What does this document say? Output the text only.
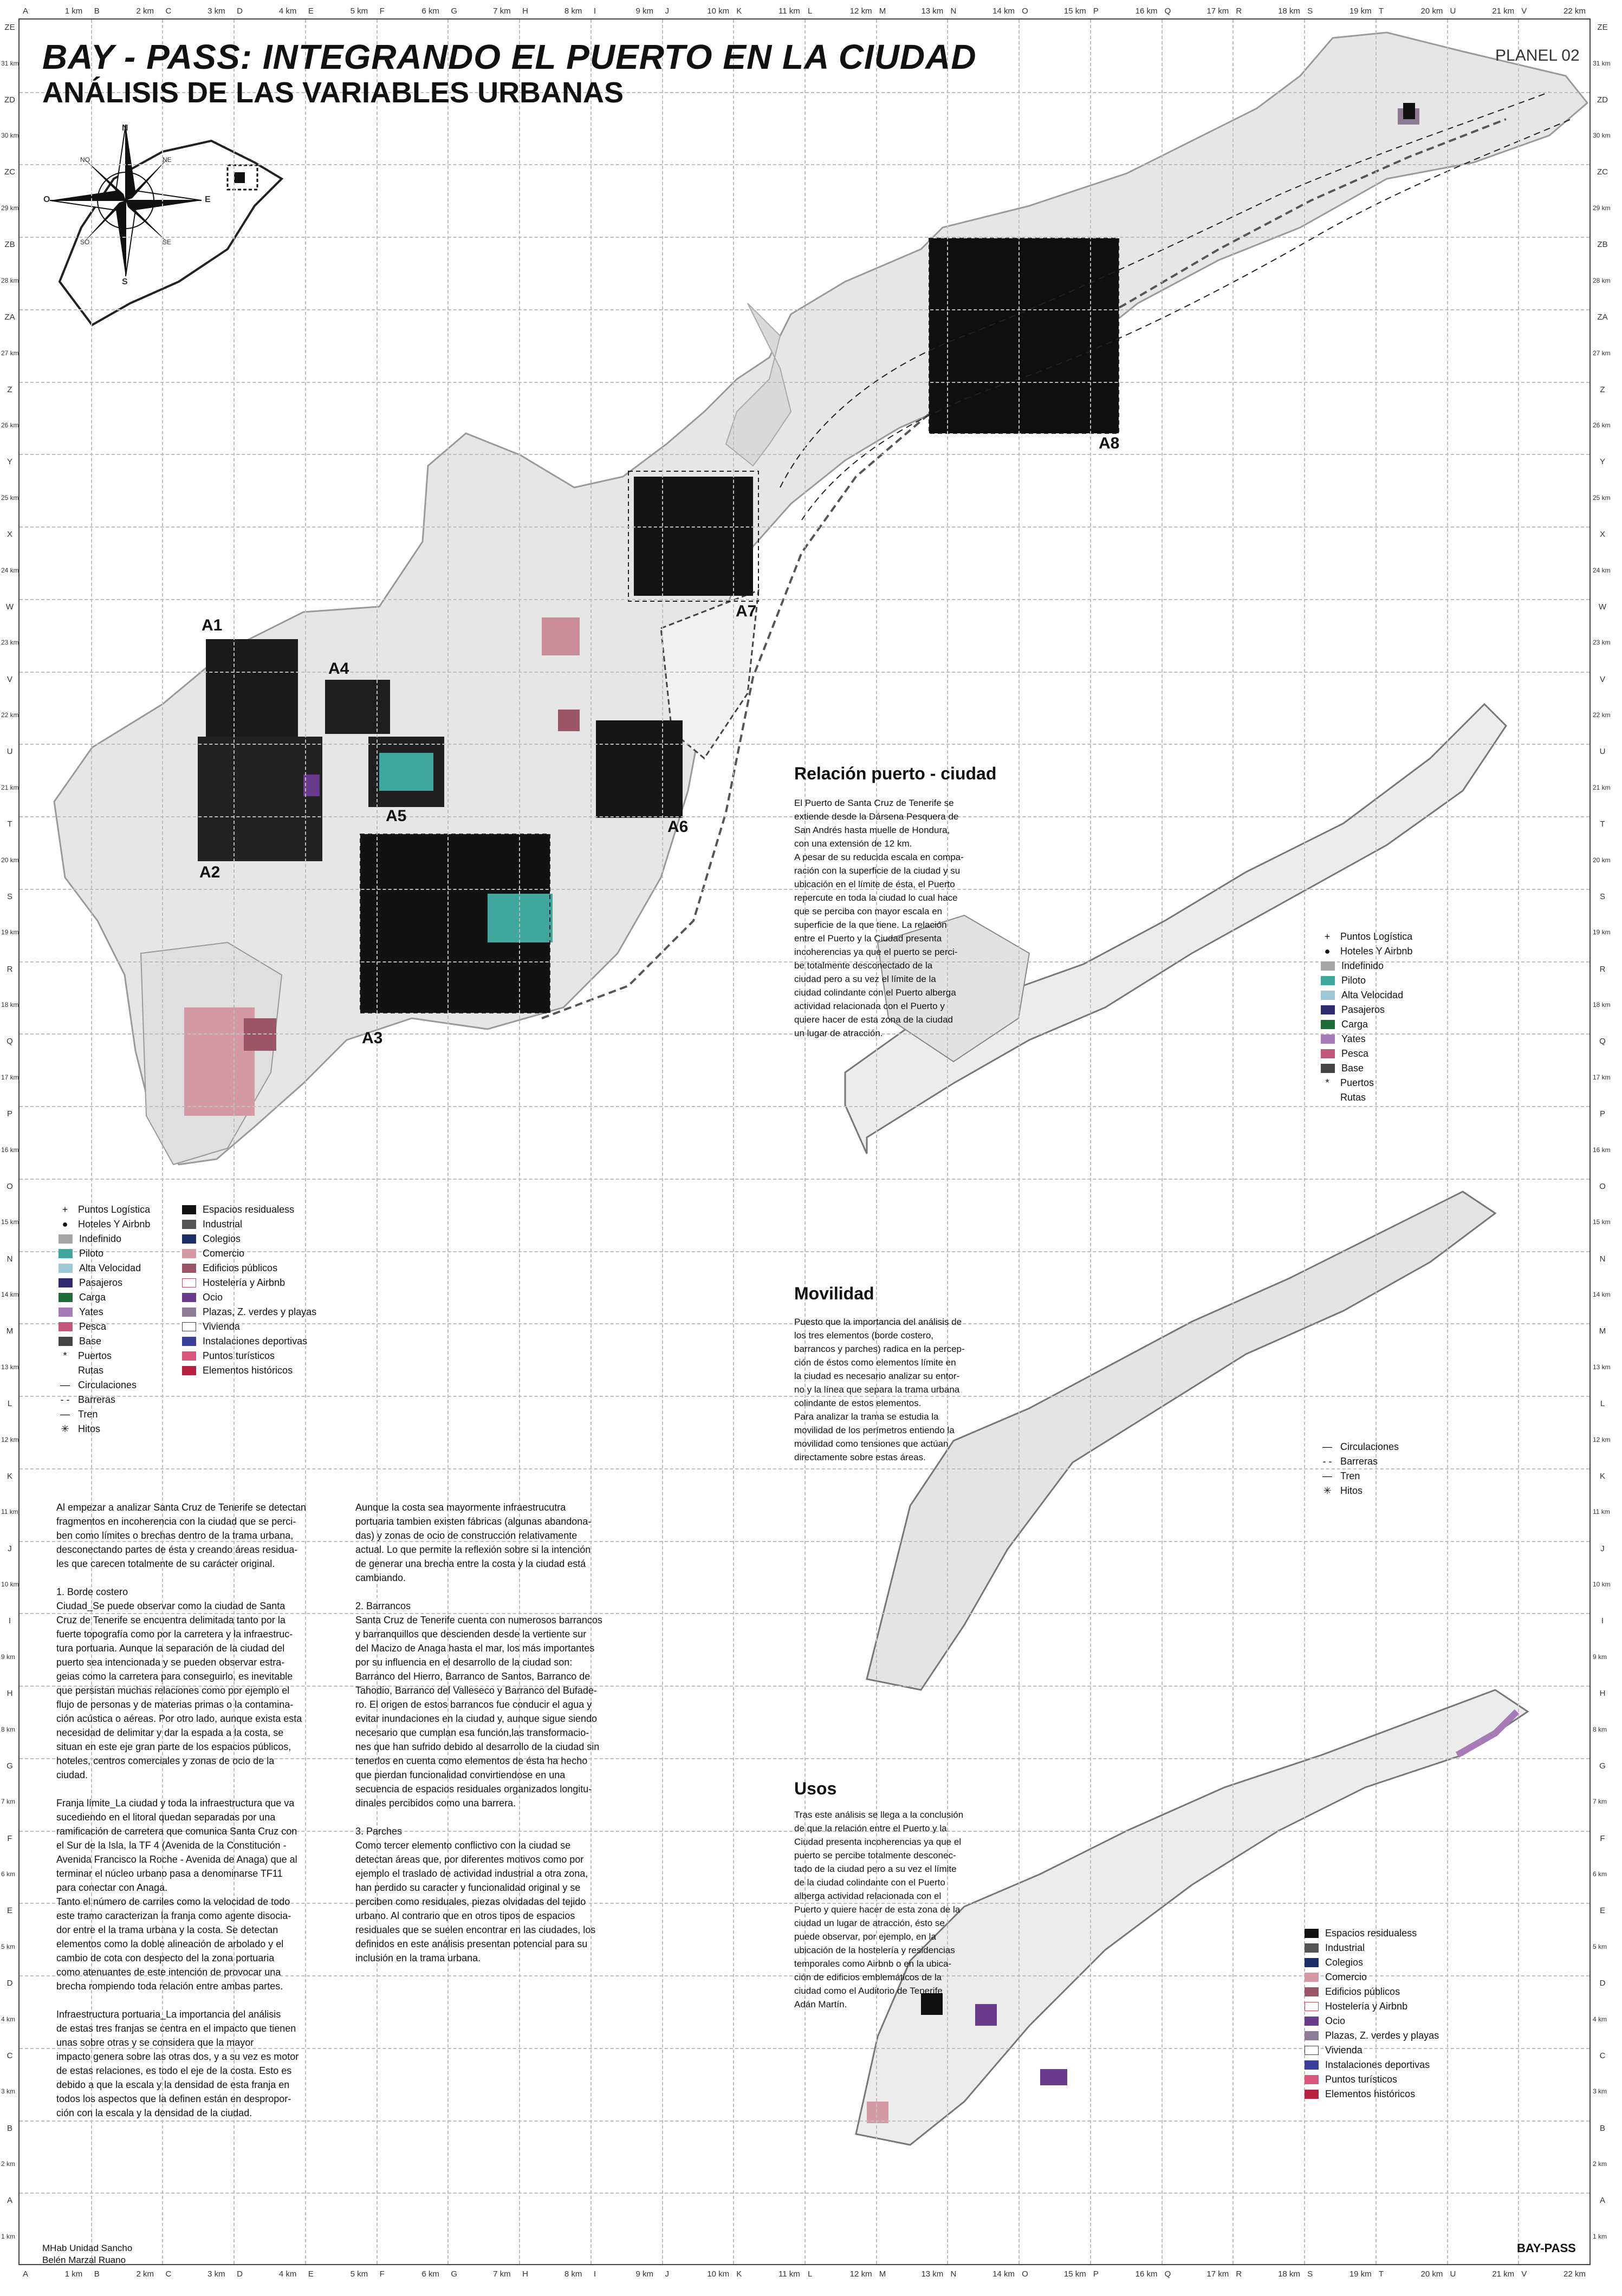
A
A
B
B
C
C
D
D
E
E
F
F
G
G
H
H
I
I
J
J
K
K
L
L
M
M
N
N
O
O
P
P
Q
Q
R
R
S
S
T
T
U
U
V
V
1 km
1 km
2 km
2 km
3 km
3 km
4 km
4 km
5 km
5 km
6 km
6 km
7 km
7 km
8 km
8 km
9 km
9 km
10 km
10 km
11 km
11 km
12 km
12 km
13 km
13 km
14 km
14 km
15 km
15 km
16 km
16 km
17 km
17 km
18 km
18 km
19 km
19 km
20 km
20 km
21 km
21 km
22 km
22 km
ZE	ZE
ZD	ZD
ZC	ZC
ZB	ZB
ZA	ZA
Z	Z
Y	Y
X	X
W	W
V	V
U	U
T	T
S	S
R	R
Q	Q
P	P
O	O
N	N
M	M
L	L
K	K
J	J
I	I
H	H
G	G
F	F
E	E
D	D
C	C
B	B
A	A
31 km	31 km
30 km	30 km
29 km	29 km
28 km	28 km
27 km	27 km
26 km	26 km
25 km	25 km
24 km	24 km
23 km	23 km
22 km	22 km
21 km	21 km
20 km	20 km
19 km	19 km
18 km	18 km
17 km	17 km
16 km	16 km
15 km	15 km
14 km	14 km
13 km	13 km
12 km	12 km
11 km	11 km
10 km	10 km
9 km	9 km
8 km	8 km
7 km	7 km
6 km	6 km
5 km	5 km
4 km	4 km
3 km	3 km
2 km	2 km
1 km	1 km
BAY - PASS: INTEGRANDO EL PUERTO EN LA CIUDAD
ANÁLISIS DE LAS VARIABLES URBANAS
PLANEL 02
N
S
E
O
NE
NO
SE
SO
A1
A2
A3
A4
A5
A6
A7
A8
Relación puerto - ciudad
El Puerto de Santa Cruz de Tenerife se
extiende desde la Dársena Pesquera de
San Andrés hasta muelle de Hondura,
con una extensión de 12 km.
A pesar de su reducida escala en compa-
ración con la superficie de la ciudad y su
ubicación en el límite de ésta, el Puerto
repercute en toda la ciudad lo cual hace
que se perciba con mayor escala en
superficie de la que tiene. La relación
entre el Puerto y la Ciudad presenta
incoherencias ya que el puerto se perci-
be totalmente desconectado de la
ciudad pero a su vez el límite de la
ciudad colindante con el Puerto alberga
actividad relacionada con el Puerto y
quiere hacer de esta zona de la ciudad
un lugar de atracción.
Movilidad
Puesto que la importancia del análisis de
los tres elementos (borde costero,
barrancos y parches) radica en la percep-
ción de éstos como elementos límite en
la ciudad es necesario analizar su entor-
no y la línea que separa la trama urbana
colindante de estos elementos.
Para analizar la trama se estudia la
movilidad de los perímetros entiendo la
movilidad como tensiones que actúan
directamente sobre estas áreas.
Usos
Tras este análisis se llega a la conclusión
de que la relación entre el Puerto y la
Ciudad presenta incoherencias ya que el
puerto se percibe totalmente desconec-
tado de la ciudad pero a su vez el límite
de la ciudad colindante con el Puerto
alberga actividad relacionada con el
Puerto y quiere hacer de esta zona de la
ciudad un lugar de atracción, ésto se
puede observar, por ejemplo, en la
ubicación de la hostelería y residencias
temporales como Airbnb o en la ubica-
ción de edificios emblemáticos de la
ciudad como el Auditorio de Tenerife
Adán Martín.
+	Puntos Logística
●	Hoteles Y Airbnb
Indefinido
Piloto
Alta Velocidad
Pasajeros
Carga
Yates
Pesca
Base
*	Puertos
Rutas
— Circulaciones
- - Barreras
— Tren
✳ Hitos
Espacios residualess
Industrial
Colegios
Comercio
Edificios públicos
Hostelería y Airbnb
Ocio
Plazas, Z. verdes y playas
Vivienda
Instalaciones deportivas
Puntos turísticos
Elementos históricos
+	Puntos Logística
●	Hoteles Y Airbnb
Indefinido
Piloto
Alta Velocidad
Pasajeros
Carga
Yates
Pesca
Base
*	Puertos
Rutas
— Circulaciones
- - Barreras
— Tren
✳ Hitos
Espacios residualess
Industrial
Colegios
Comercio
Edificios públicos
Hostelería y Airbnb
Ocio
Plazas, Z. verdes y playas
Vivienda
Instalaciones deportivas
Puntos turísticos
Elementos históricos
Al empezar a analizar Santa Cruz de Tenerife se detectan
fragmentos en incoherencia con la ciudad que se perci-
ben como límites o brechas dentro de la trama urbana,
desconectando partes de ésta y creando áreas residua-
les que carecen totalmente de su carácter original.

1. Borde costero
Ciudad_Se puede observar como la ciudad de Santa
Cruz de Tenerife se encuentra delimitada tanto por la
fuerte topografía como por la carretera y la infraestruc-
tura portuaria. Aunque la separación de la ciudad del
puerto sea intencionada y se pueden observar estra-
geias como la carretera para conseguirlo, es inevitable
que persistan muchas relaciones como por ejemplo el
flujo de personas y de materias primas o la contamina-
ción acústica o aéreas. Por otro lado, aunque exista esta
necesidad de delimitar y dar la espada a la costa, se
situan en este eje gran parte de los espacios públicos,
hoteles, centros comerciales y zonas de ocio de la
ciudad.

Franja límite_La ciudad y toda la infraestructura que va
sucediendo en el litoral quedan separadas por una
ramificación de carretera que comunica Santa Cruz con
el Sur de la Isla, la TF 4 (Avenida de la Constitución -
Avenida Francisco la Roche - Avenida de Anaga) que al
terminar el núcleo urbano pasa a denominarse TF11
para conectar con Anaga.
Tanto el número de carriles como la velocidad de todo
este tramo caracterizan la franja como agente disocia-
dor entre el la trama urbana y la costa. Se detectan
elementos como la doble alineación de arbolado y el
cambio de cota con despecto del la zona portuaria
como atenuantes de este intención de provocar una
brecha rompiendo toda relación entre ambas partes.

Infraestructura portuaria_La importancia del análisis
de estas tres franjas se centra en el impacto que tienen
unas sobre otras y se considera que la mayor
impacto genera sobre las otras dos, y a su vez es motor
de estas relaciones, es todo el eje de la costa. Esto es
debido a que la escala y la densidad de esta franja en
todos los aspectos que la definen están en despropor-
ción con la escala y la densidad de la ciudad.
Aunque la costa sea mayormente infraestrucutra
portuaria tambien existen fábricas (algunas abandona-
das) y zonas de ocio de construcción relativamente
actual. Lo que permite la reflexión sobre si la intención
de generar una brecha entre la costa y la ciudad está
cambiando.

2. Barrancos
Santa Cruz de Tenerife cuenta con numerosos barrancos
y barranquillos que descienden desde la vertiente sur
del Macizo de Anaga hasta el mar, los más importantes
por su influencia en el desarrollo de la ciudad son:
Barranco del Hierro, Barranco de Santos, Barranco de
Tahodio, Barranco del Valleseco y Barranco del Bufade-
ro. El origen de estos barrancos fue conducir el agua y
evitar inundaciones en la ciudad y, aunque sigue siendo
necesario que cumplan esa función,las transformacio-
nes que han sufrido debido al desarrollo de la ciudad sin
tenerlos en cuenta como elementos de ésta ha hecho
que pierdan funcionalidad convirtiendose en una
secuencia de espacios residuales organizados longitu-
dinales percibidos como una barrera.

3. Parches
Como tercer elemento conflictivo con la ciudad se
detectan áreas que, por diferentes motivos como por
ejemplo el traslado de actividad industrial a otra zona,
han perdido su caracter y funcionalidad original y se
perciben como residuales, piezas olvidadas del tejido
urbano. Al contrario que en otros tipos de espacios
residuales que se suelen encontrar en las ciudades, los
definidos en este análisis presentan potencial para su
inclusión en la trama urbana.
MHab Unidad Sancho
Belén Marzal Ruano
BAY-PASS
